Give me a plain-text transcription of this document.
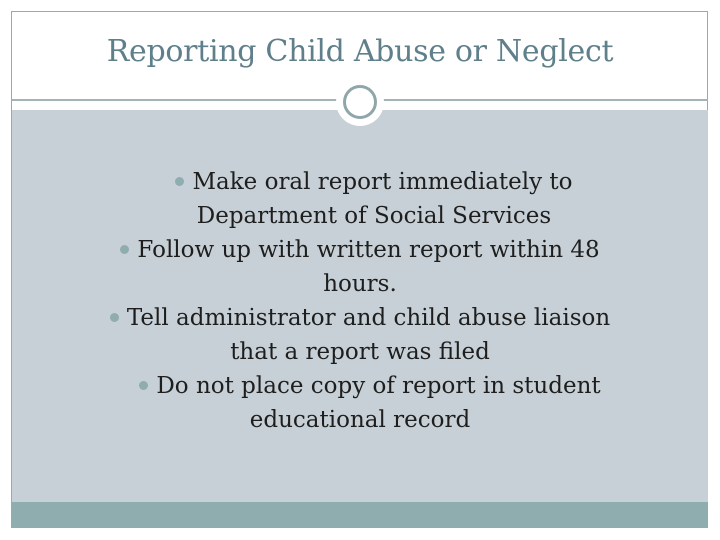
Reporting Child Abuse or Neglect
Make oral report immediately to
Department of Social Services
Follow up with written report within 48
hours.
Tell administrator and child abuse liaison
that a report was filed
Do not place copy of report in student
educational record
